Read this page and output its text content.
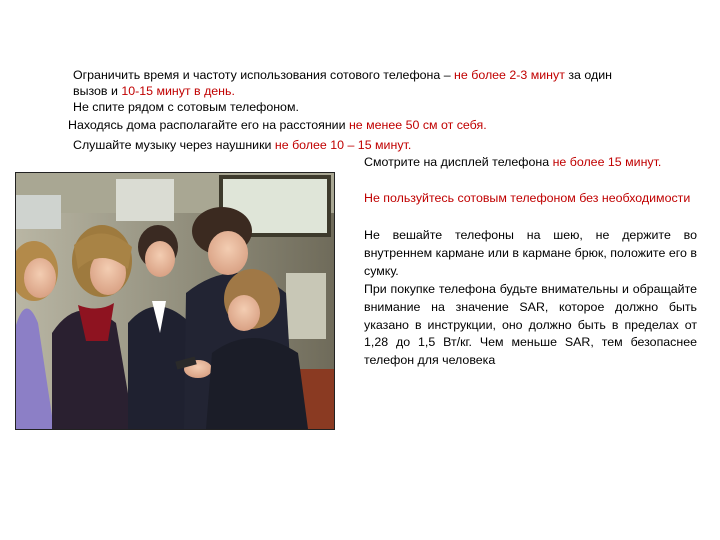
Ограничить время и частоту использования сотового телефона – не более 2-3 минут за один
вызов и 10-15 минут в день.
Не спите рядом с сотовым телефоном.
Находясь дома располагайте его на расстоянии не менее 50 см от себя.
Слушайте музыку через наушники не более 10 – 15 минут.
Смотрите на дисплей телефона не более 15 минут.
Не пользуйтесь сотовым телефоном без необходимости
Не вешайте телефоны на шею, не держите во внутреннем кармане или в кармане брюк, положите его в сумку.
При покупке телефона будьте внимательны и обращайте внимание на значение SAR, которое должно быть указано в инструкции, оно должно быть в пределах от 1,28 до 1,5 Вт/кг. Чем меньше SAR, тем безопаснее телефон для человека
